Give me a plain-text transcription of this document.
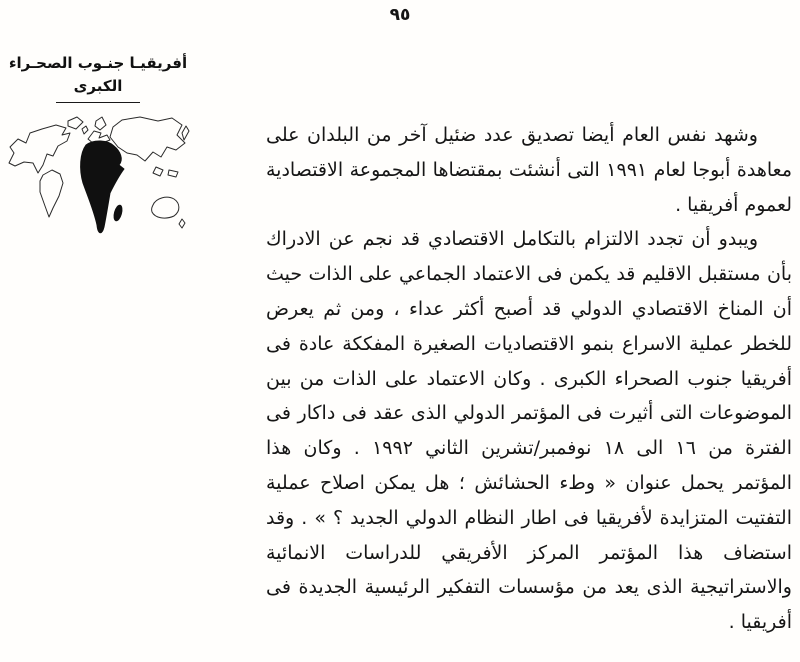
٩٥
أفريقيـا جنـوب الصحـراء
الكبرى

وشهد نفس العام أيضا تصديق عدد ضئيل آخر من البلدان على معاهدة أبوجا لعام ١٩٩١ التى أنشئت بمقتضاها المجموعة الاقتصادية لعموم أفريقيا .

ويبدو أن تجدد الالتزام بالتكامل الاقتصادي قد نجم عن الادراك بأن مستقبل الاقليم قد يكمن فى الاعتماد الجماعي على الذات حيث أن المناخ الاقتصادي الدولي قد أصبح أكثر عداء ، ومن ثم يعرض للخطر عملية الاسراع بنمو الاقتصاديات الصغيرة المفككة عادة فى أفريقيا جنوب الصحراء الكبرى . وكان الاعتماد على الذات من بين الموضوعات التى أثيرت فى المؤتمر الدولي الذى عقد فى داكار فى الفترة من ١٦ الى ١٨ نوفمبر/تشرين الثاني ١٩٩٢ . وكان هذا المؤتمر يحمل عنوان « وطء الحشائش ؛ هل يمكن اصلاح عملية التفتيت المتزايدة لأفريقيا فى اطار النظام الدولي الجديد ؟ » . وقد استضاف هذا المؤتمر المركز الأفريقي للدراسات الانمائية والاستراتيجية الذى يعد من مؤسسات التفكير الرئيسية الجديدة فى أفريقيا .
